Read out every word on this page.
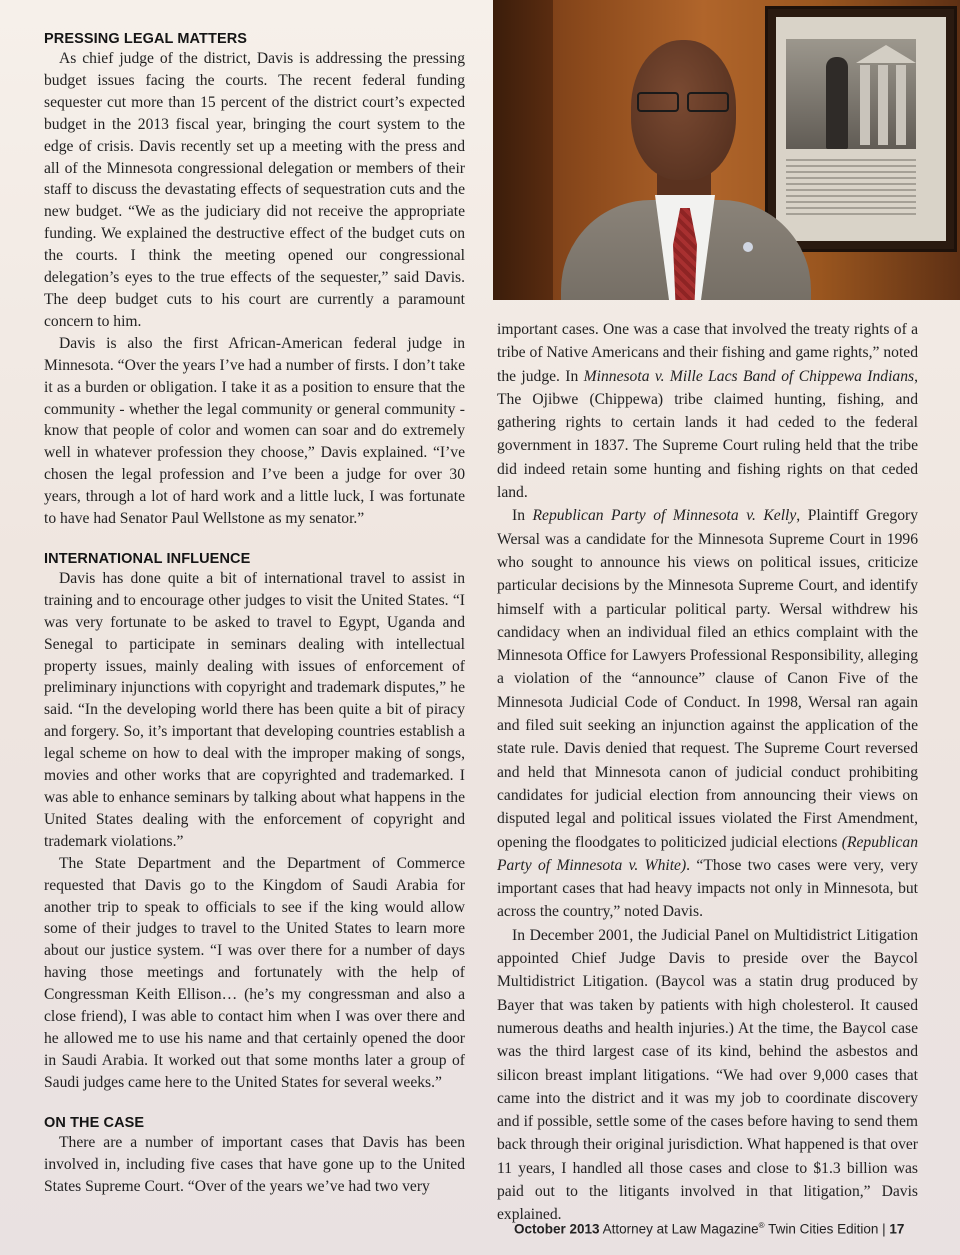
PRESSING LEGAL MATTERS

As chief judge of the district, Davis is addressing the pressing budget issues facing the courts. The recent federal funding sequester cut more than 15 percent of the district court’s expected budget in the 2013 fiscal year, bringing the court system to the edge of crisis. Davis recently set up a meeting with the press and all of the Minnesota congressional delegation or members of their staff to discuss the devastating effects of sequestration cuts and the new budget. “We as the judiciary did not receive the appropriate funding. We explained the destructive effect of the budget cuts on the courts. I think the meeting opened our congressional delegation’s eyes to the true effects of the sequester,” said Davis. The deep budget cuts to his court are currently a paramount concern to him.

Davis is also the first African-American federal judge in Minnesota. “Over the years I’ve had a number of firsts. I don’t take it as a burden or obligation. I take it as a position to ensure that the community - whether the legal community or general community - know that people of color and women can soar and do extremely well in whatever profession they choose,” Davis explained. “I’ve chosen the legal profession and I’ve been a judge for over 30 years, through a lot of hard work and a little luck, I was fortunate to have had Senator Paul Wellstone as my senator.”

INTERNATIONAL INFLUENCE

Davis has done quite a bit of international travel to assist in training and to encourage other judges to visit the United States. “I was very fortunate to be asked to travel to Egypt, Uganda and Senegal to participate in seminars dealing with intellectual property issues, mainly dealing with issues of enforcement of preliminary injunctions with copyright and trademark disputes,” he said. “In the developing world there has been quite a bit of piracy and forgery. So, it’s important that developing countries establish a legal scheme on how to deal with the improper making of songs, movies and other works that are copyrighted and trademarked. I was able to enhance seminars by talking about what happens in the United States dealing with the enforcement of copyright and trademark violations.”

The State Department and the Department of Commerce requested that Davis go to the Kingdom of Saudi Arabia for another trip to speak to officials to see if the king would allow some of their judges to travel to the United States to learn more about our justice system. “I was over there for a number of days having those meetings and fortunately with the help of Congressman Keith Ellison… (he’s my congressman and also a close friend), I was able to contact him when I was over there and he allowed me to use his name and that certainly opened the door in Saudi Arabia. It worked out that some months later a group of Saudi judges came here to the United States for several weeks.”

ON THE CASE

There are a number of important cases that Davis has been involved in, including five cases that have gone up to the United States Supreme Court. “Over of the years we’ve had two very

important cases. One was a case that involved the treaty rights of a tribe of Native Americans and their fishing and game rights,” noted the judge. In Minnesota v. Mille Lacs Band of Chippewa Indians, The Ojibwe (Chippewa) tribe claimed hunting, fishing, and gathering rights to certain lands it had ceded to the federal government in 1837. The Supreme Court ruling held that the tribe did indeed retain some hunting and fishing rights on that ceded land.

In Republican Party of Minnesota v. Kelly, Plaintiff Gregory Wersal was a candidate for the Minnesota Supreme Court in 1996 who sought to announce his views on political issues, criticize particular decisions by the Minnesota Supreme Court, and identify himself with a particular political party. Wersal withdrew his candidacy when an individual filed an ethics complaint with the Minnesota Office for Lawyers Professional Responsibility, alleging a violation of the “announce” clause of Canon Five of the Minnesota Judicial Code of Conduct. In 1998, Wersal ran again and filed suit seeking an injunction against the application of the state rule. Davis denied that request. The Supreme Court reversed and held that Minnesota canon of judicial conduct prohibiting candidates for judicial election from announcing their views on disputed legal and political issues violated the First Amendment, opening the floodgates to politicized judicial elections (Republican Party of Minnesota v. White). “Those two cases were very, very important cases that had heavy impacts not only in Minnesota, but across the country,” noted Davis.

In December 2001, the Judicial Panel on Multidistrict Litigation appointed Chief Judge Davis to preside over the Baycol Multidistrict Litigation. (Baycol was a statin drug produced by Bayer that was taken by patients with high cholesterol. It caused numerous deaths and health injuries.) At the time, the Baycol case was the third largest case of its kind, behind the asbestos and silicon breast implant litigations. “We had over 9,000 cases that came into the district and it was my job to coordinate discovery and if possible, settle some of the cases before having to send them back through their original jurisdiction. What happened is that over 11 years, I handled all those cases and close to $1.3 billion was paid out to the litigants involved in that litigation,” Davis explained.

October 2013 Attorney at Law Magazine® Twin Cities Edition | 17
